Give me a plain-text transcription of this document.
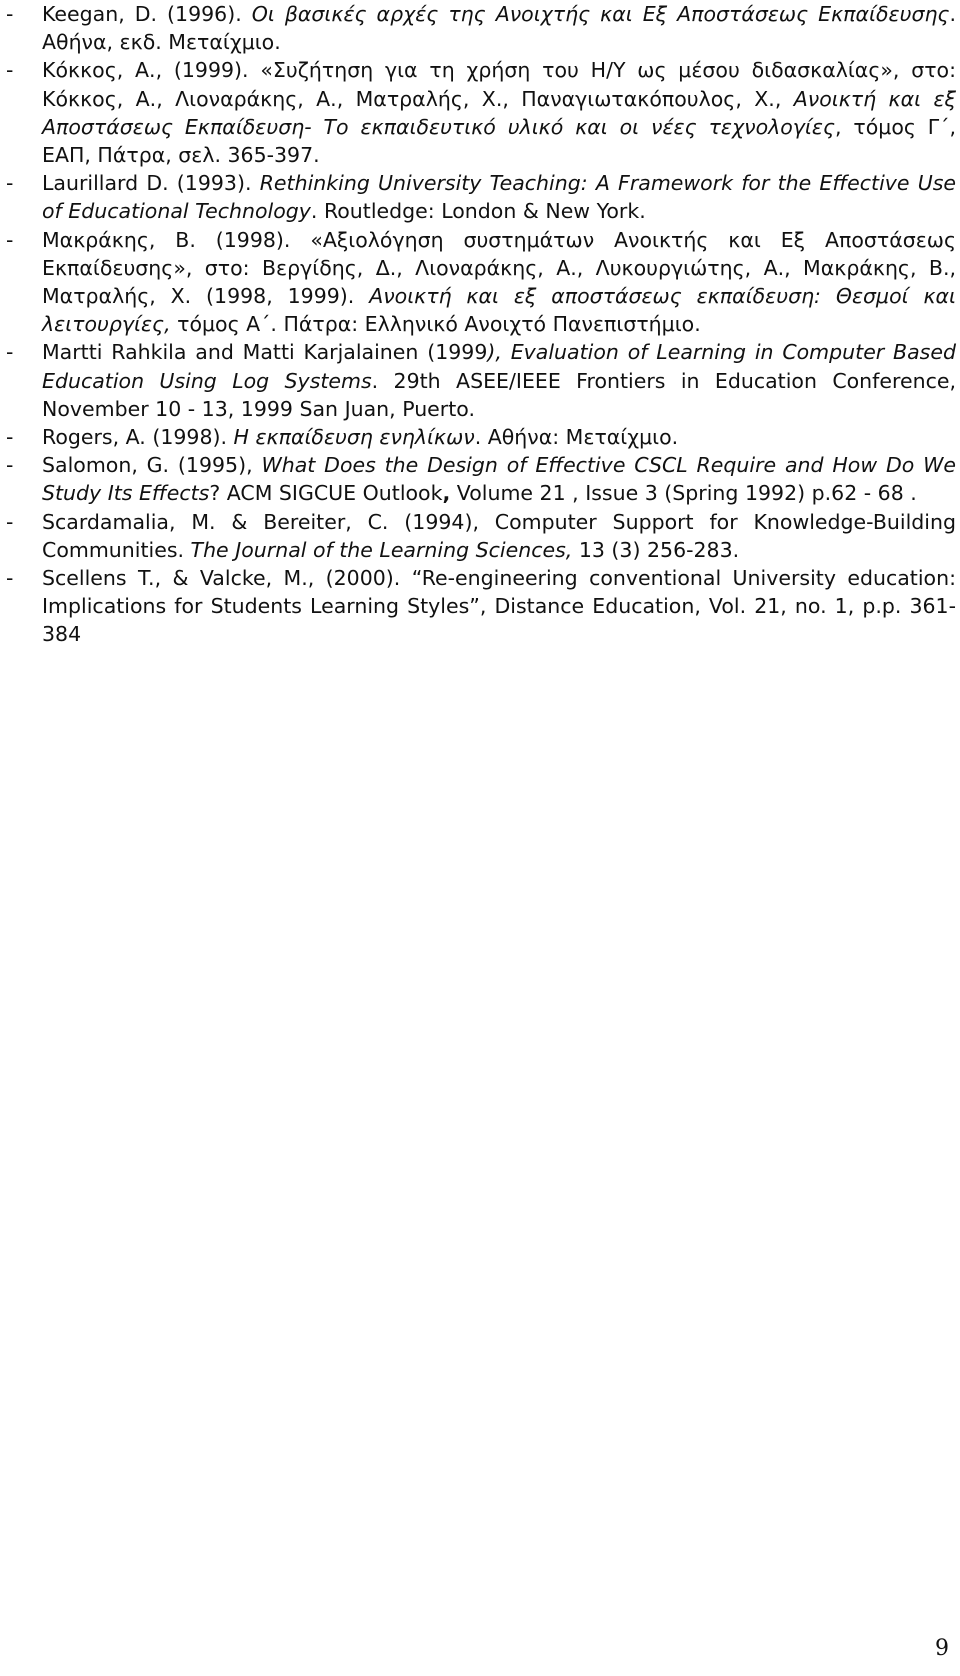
- Keegan, D. (1996). Οι βασικές αρχές της Ανοιχτής και Εξ Αποστάσεως Εκπαίδευσης. Αθήνα, εκδ. Μεταίχμιο.
- Κόκκος, Α., (1999). «Συζήτηση για τη χρήση του Η/Υ ως μέσου διδασκαλίας», στο: Κόκκος, Α., Λιοναράκης, Α., Ματραλής, Χ., Παναγιωτακόπουλος, Χ., Ανοικτή και εξ Αποστάσεως Εκπαίδευση- Το εκπαιδευτικό υλικό και οι νέες τεχνολογίες, τόμος Γ΄, ΕΑΠ, Πάτρα, σελ. 365-397.
- Laurillard D. (1993). Rethinking University Teaching: A Framework for the Effective Use of Educational Technology. Routledge: London & New York.
- Μακράκης, Β. (1998). «Αξιολόγηση συστημάτων Ανοικτής και Εξ Αποστάσεως Εκπαίδευσης», στο: Βεργίδης, Δ., Λιοναράκης, Α., Λυκουργιώτης, Α., Μακράκης, Β., Ματραλής, Χ. (1998, 1999). Ανοικτή και εξ αποστάσεως εκπαίδευση: Θεσμοί και λειτουργίες, τόμος Α΄. Πάτρα: Ελληνικό Ανοιχτό Πανεπιστήμιο.
- Martti Rahkila and Matti Karjalainen (1999), Evaluation of Learning in Computer Based Education Using Log Systems. 29th ASEE/IEEE Frontiers in Education Conference, November 10 - 13, 1999 San Juan, Puerto.
- Rogers, A. (1998). Η εκπαίδευση ενηλίκων. Αθήνα: Μεταίχμιο.
- Salomon, G. (1995), What Does the Design of Effective CSCL Require and How Do We Study Its Effects? ACM SIGCUE Outlook, Volume 21 , Issue 3 (Spring 1992) p.62 - 68 .
- Scardamalia, M. & Bereiter, C. (1994), Computer Support for Knowledge-Building Communities. The Journal of the Learning Sciences, 13 (3) 256-283.
- Scellens T., & Valcke, M., (2000). “Re-engineering conventional University education: Implications for Students Learning Styles”, Distance Education, Vol. 21, no. 1, p.p. 361-384
9
